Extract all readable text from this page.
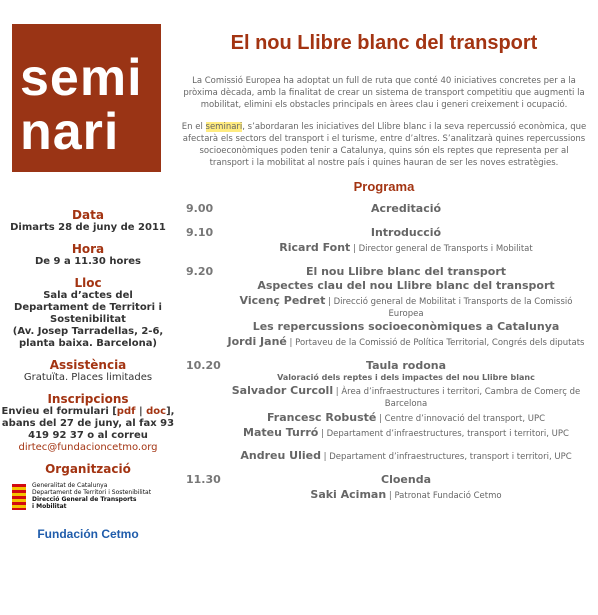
semi
nari
Data
Dimarts 28 de juny de 2011
Hora
De 9 a 11.30 hores
Lloc
Sala d’actes del
Departament de Territori i Sostenibilitat
(Av. Josep Tarradellas, 2-6, planta baixa. Barcelona)
Assistència
Gratuïta. Places limitades
Inscripcions
Envieu el formulari [pdf | doc], abans del 27 de juny, al fax 93 419 92 37 o al correu
dirtec@fundacioncetmo.org
Organització
Generalitat de Catalunya
Departament de Territori i Sostenibilitat
Direcció General de Transports
i Mobilitat
Fundación Cetmo
El nou Llibre blanc del transport

La Comissió Europea ha adoptat un full de ruta que conté 40 iniciatives concretes per a la pròxima dècada, amb la finalitat de crear un sistema de transport competitiu que augmenti la mobilitat, elimini els obstacles principals en àrees clau i generi creixement i ocupació.

En el seminari, s’abordaran les iniciatives del Llibre blanc i la seva repercussió econòmica, que afectarà els sectors del transport i el turisme, entre d’altres. S’analitzarà quines repercussions socioeconòmiques poden tenir a Catalunya, quins són els reptes que representa per al transport i la mobilitat al nostre país i quines hauran de ser les noves estratègies.

Programa
9.00	Acreditació
9.10	Introducció
Ricard Font | Director general de Transports i Mobilitat
9.20	El nou Llibre blanc del transport
Aspectes clau del nou Llibre blanc del transport
Vicenç Pedret | Direcció general de Mobilitat i Transports de la Comissió Europea
Les repercussions socioeconòmiques a Catalunya
Jordi Jané | Portaveu de la Comissió de Política Territorial, Congrés dels diputats
10.20	Taula rodona
Valoració dels reptes i dels impactes del nou Llibre blanc
Salvador Curcoll | Àrea d’infraestructures i territori, Cambra de Comerç de Barcelona
Francesc Robusté | Centre d’innovació del transport, UPC
Mateu Turró | Departament d’infraestructures, transport i territori, UPC
Andreu Ulied | Departament d’infraestructures, transport i territori, UPC
11.30	Cloenda
Saki Aciman | Patronat Fundació Cetmo
